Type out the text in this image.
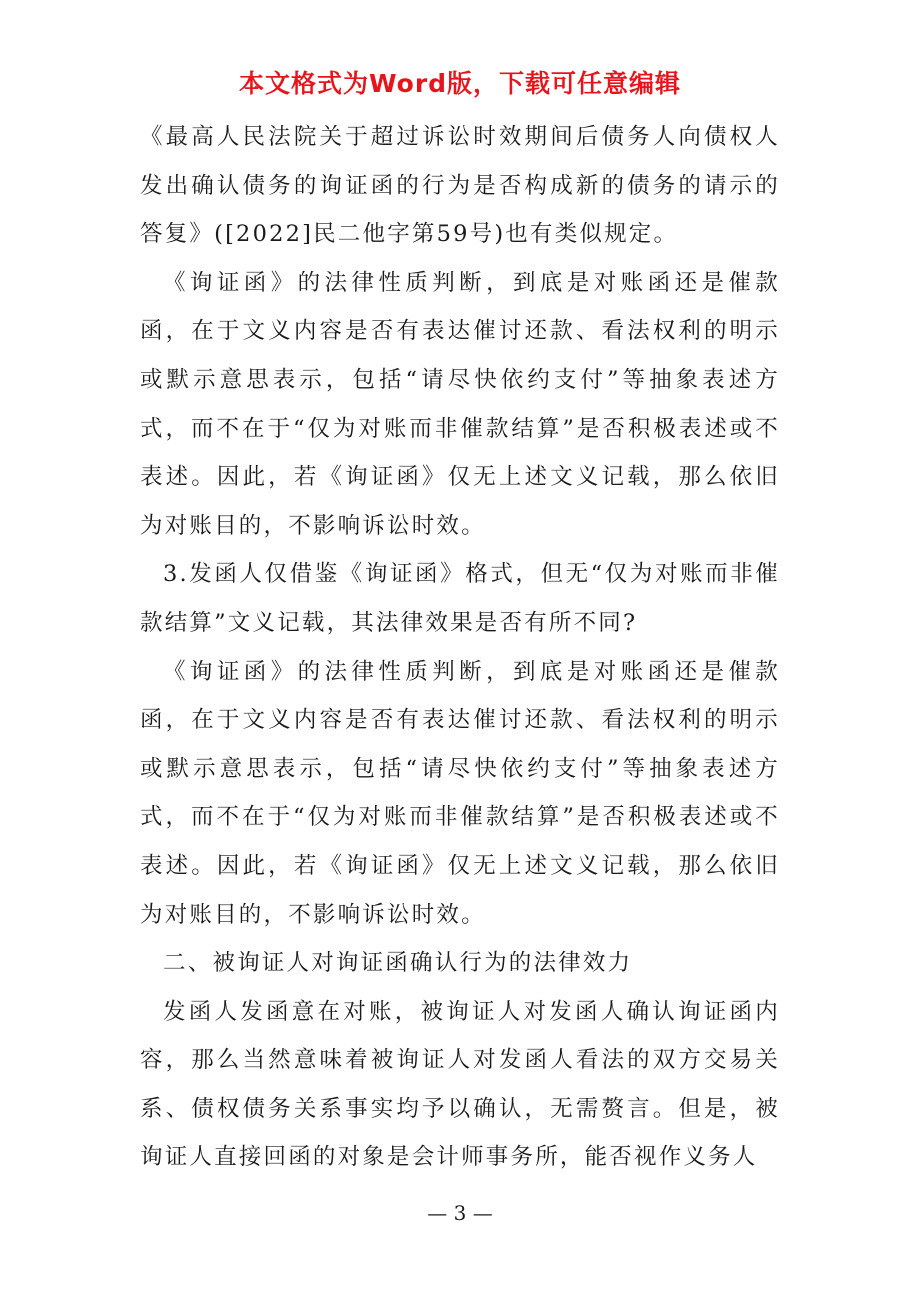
本文格式为Word版，下载可任意编辑

《最高人民法院关于超过诉讼时效期间后债务人向债权人发出确认债务的询证函的行为是否构成新的债务的请示的答复》([2022]民二他字第59号)也有类似规定。

《询证函》的法律性质判断，到底是对账函还是催款函，在于文义内容是否有表达催讨还款、看法权利的明示或默示意思表示，包括“请尽快依约支付”等抽象表述方式，而不在于“仅为对账而非催款结算”是否积极表述或不表述。因此，若《询证函》仅无上述文义记载，那么依旧为对账目的，不影响诉讼时效。

3.发函人仅借鉴《询证函》格式，但无“仅为对账而非催款结算”文义记载，其法律效果是否有所不同?

《询证函》的法律性质判断，到底是对账函还是催款函，在于文义内容是否有表达催讨还款、看法权利的明示或默示意思表示，包括“请尽快依约支付”等抽象表述方式，而不在于“仅为对账而非催款结算”是否积极表述或不表述。因此，若《询证函》仅无上述文义记载，那么依旧为对账目的，不影响诉讼时效。

二、被询证人对询证函确认行为的法律效力

发函人发函意在对账，被询证人对发函人确认询证函内容，那么当然意味着被询证人对发函人看法的双方交易关系、债权债务关系事实均予以确认，无需赘言。但是，被询证人直接回函的对象是会计师事务所，能否视作义务人

— 3 —
